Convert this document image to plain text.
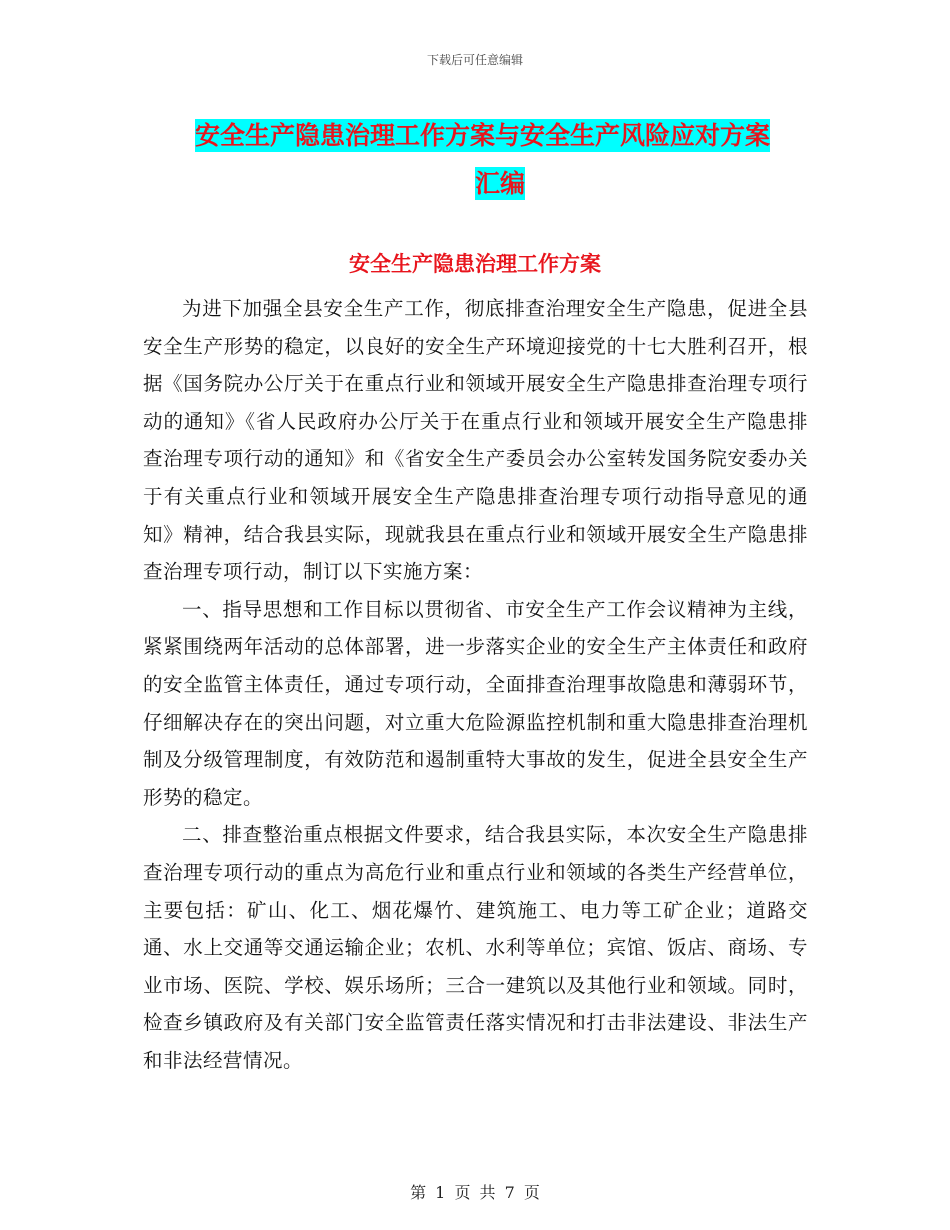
下载后可任意编辑
安全生产隐患治理工作方案与安全生产风险应对方案
汇编
安全生产隐患治理工作方案

为进下加强全县安全生产工作，彻底排查治理安全生产隐患，促进全县安全生产形势的稳定，以良好的安全生产环境迎接党的十七大胜利召开，根据《国务院办公厅关于在重点行业和领域开展安全生产隐患排查治理专项行动的通知》《省人民政府办公厅关于在重点行业和领域开展安全生产隐患排查治理专项行动的通知》和《省安全生产委员会办公室转发国务院安委办关于有关重点行业和领域开展安全生产隐患排查治理专项行动指导意见的通知》精神，结合我县实际，现就我县在重点行业和领域开展安全生产隐患排查治理专项行动，制订以下实施方案：

一、指导思想和工作目标以贯彻省、市安全生产工作会议精神为主线，紧紧围绕两年活动的总体部署，进一步落实企业的安全生产主体责任和政府的安全监管主体责任，通过专项行动，全面排查治理事故隐患和薄弱环节，仔细解决存在的突出问题，对立重大危险源监控机制和重大隐患排查治理机制及分级管理制度，有效防范和遏制重特大事故的发生，促进全县安全生产形势的稳定。

二、排查整治重点根据文件要求，结合我县实际，本次安全生产隐患排查治理专项行动的重点为高危行业和重点行业和领域的各类生产经营单位，主要包括：矿山、化工、烟花爆竹、建筑施工、电力等工矿企业；道路交通、水上交通等交通运输企业；农机、水利等单位；宾馆、饭店、商场、专业市场、医院、学校、娱乐场所；三合一建筑以及其他行业和领域。同时，检查乡镇政府及有关部门安全监管责任落实情况和打击非法建设、非法生产和非法经营情况。

第 1 页 共 7 页
